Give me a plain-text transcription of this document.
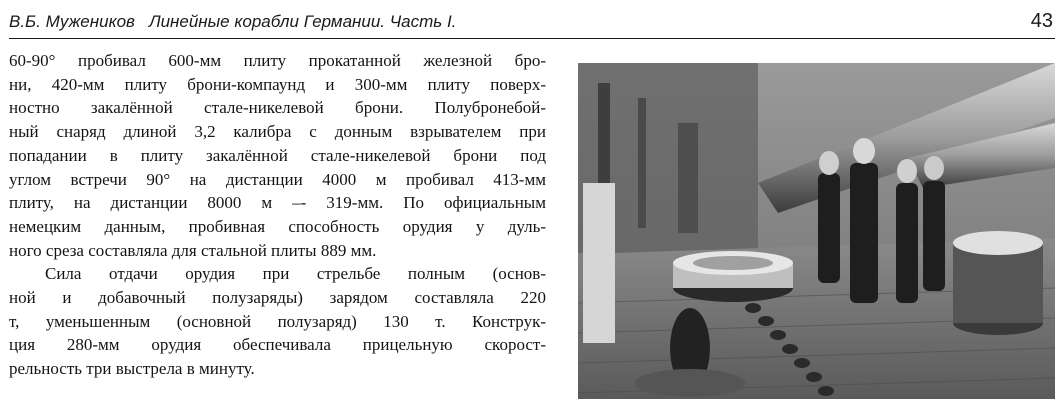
В.Б. Мужеников Линейные корабли Германии. Часть I.	43

60-90° пробивал 600-мм плиту прокатанной железной бро-
ни, 420-мм плиту брони-компаунд и 300-мм плиту поверх-
ностно закалённой стале-никелевой брони. Полубронебой-
ный снаряд длиной 3,2 калибра с донным взрывателем при
попадании в плиту закалённой стале-никелевой брони под
углом встречи 90° на дистанции 4000 м пробивал 413-мм
плиту, на дистанции 8000 м –- 319-мм. По официальным
немецким данным, пробивная способность орудия у дуль-
ного среза составляла для стальной плиты 889 мм.

Сила отдачи орудия при стрельбе полным (основ-
ной и добавочный полузаряды) зарядом составляла 220
т, уменьшенным (основной полузаряд) 130 т. Конструк-
ция 280-мм орудия обеспечивала прицельную скорост-
рельность три выстрела в минуту.
